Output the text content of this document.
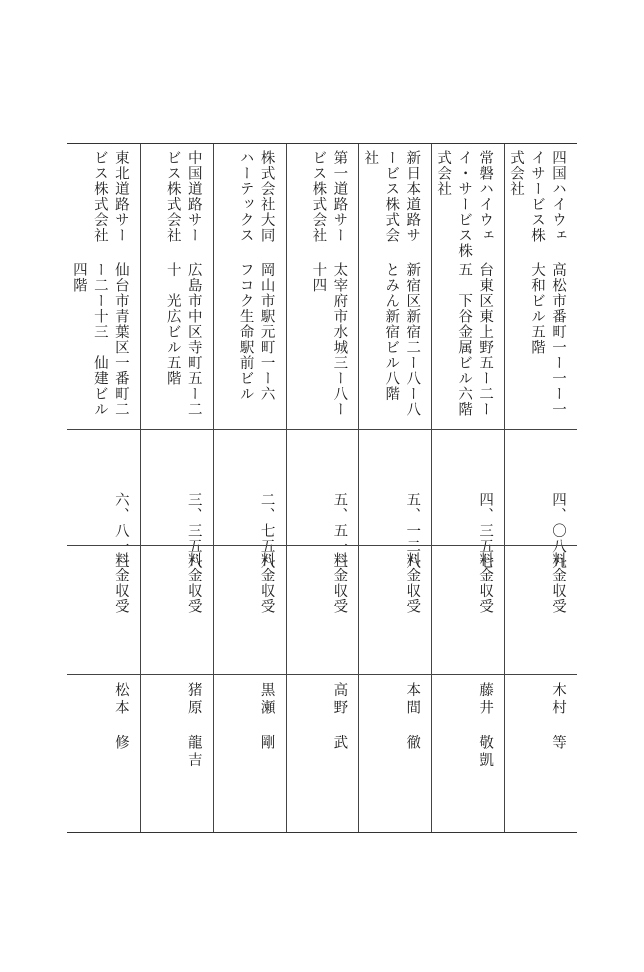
四国ハイウェ
イサービス株
式会社
高松市番町一ー一ー一
大和ビル五階
四、〇八九
料金収受
木村　等
常磐ハイウェ
イ・サービス株
式会社
台東区東上野五ー二ー
五　下谷金属ビル六階
四、三五七
料金収受
藤井　敬凱
新日本道路サ
ービス株式会
社
新宿区新宿二ー八ー八
とみん新宿ビル八階
五、一二八
料金収受
本間　徹
第一道路サー
ビス株式会社
太宰府市水城三ー八ー
十四
五、五一三
料金収受
高野　武
株式会社大同
ハーテックス
岡山市駅元町一ー六
フコク生命駅前ビル
二、七五八
料金収受
黒瀬　剛
中国道路サー
ビス株式会社
広島市中区寺町五ー二
十　光広ビル五階
三、三五八
料金収受
猪原　龍吉
東北道路サー
ビス株式会社
仙台市青葉区一番町二
ー二ー十三　仙建ビル
四階
六、八一三
料金収受
松本　修
